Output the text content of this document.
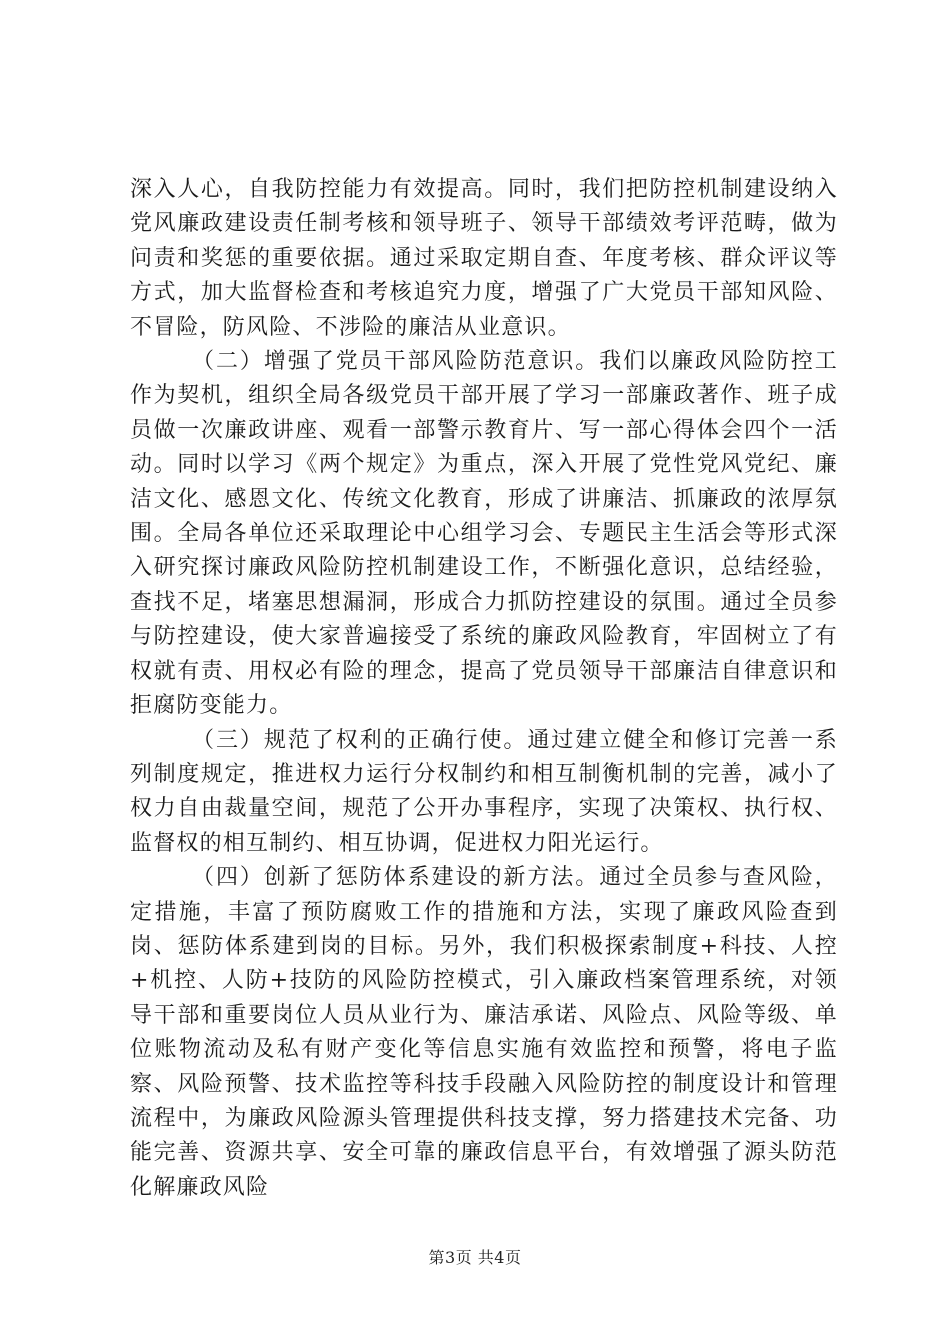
深入人心，自我防控能力有效提高。同时，我们把防控机制建设纳入党风廉政建设责任制考核和领导班子、领导干部绩效考评范畴，做为问责和奖惩的重要依据。通过采取定期自查、年度考核、群众评议等方式，加大监督检查和考核追究力度，增强了广大党员干部知风险、不冒险，防风险、不涉险的廉洁从业意识。

（二）增强了党员干部风险防范意识。我们以廉政风险防控工作为契机，组织全局各级党员干部开展了学习一部廉政著作、班子成员做一次廉政讲座、观看一部警示教育片、写一部心得体会四个一活动。同时以学习《两个规定》为重点，深入开展了党性党风党纪、廉洁文化、感恩文化、传统文化教育，形成了讲廉洁、抓廉政的浓厚氛围。全局各单位还采取理论中心组学习会、专题民主生活会等形式深入研究探讨廉政风险防控机制建设工作，不断强化意识，总结经验，查找不足，堵塞思想漏洞，形成合力抓防控建设的氛围。通过全员参与防控建设，使大家普遍接受了系统的廉政风险教育，牢固树立了有权就有责、用权必有险的理念，提高了党员领导干部廉洁自律意识和拒腐防变能力。

（三）规范了权利的正确行使。通过建立健全和修订完善一系列制度规定，推进权力运行分权制约和相互制衡机制的完善，减小了权力自由裁量空间，规范了公开办事程序，实现了决策权、执行权、监督权的相互制约、相互协调，促进权力阳光运行。

（四）创新了惩防体系建设的新方法。通过全员参与查风险，定措施，丰富了预防腐败工作的措施和方法，实现了廉政风险查到岗、惩防体系建到岗的目标。另外，我们积极探索制度+科技、人控+机控、人防+技防的风险防控模式，引入廉政档案管理系统，对领导干部和重要岗位人员从业行为、廉洁承诺、风险点、风险等级、单位账物流动及私有财产变化等信息实施有效监控和预警，将电子监察、风险预警、技术监控等科技手段融入风险防控的制度设计和管理流程中，为廉政风险源头管理提供科技支撑，努力搭建技术完备、功能完善、资源共享、安全可靠的廉政信息平台，有效增强了源头防范化解廉政风险

第3页 共4页
